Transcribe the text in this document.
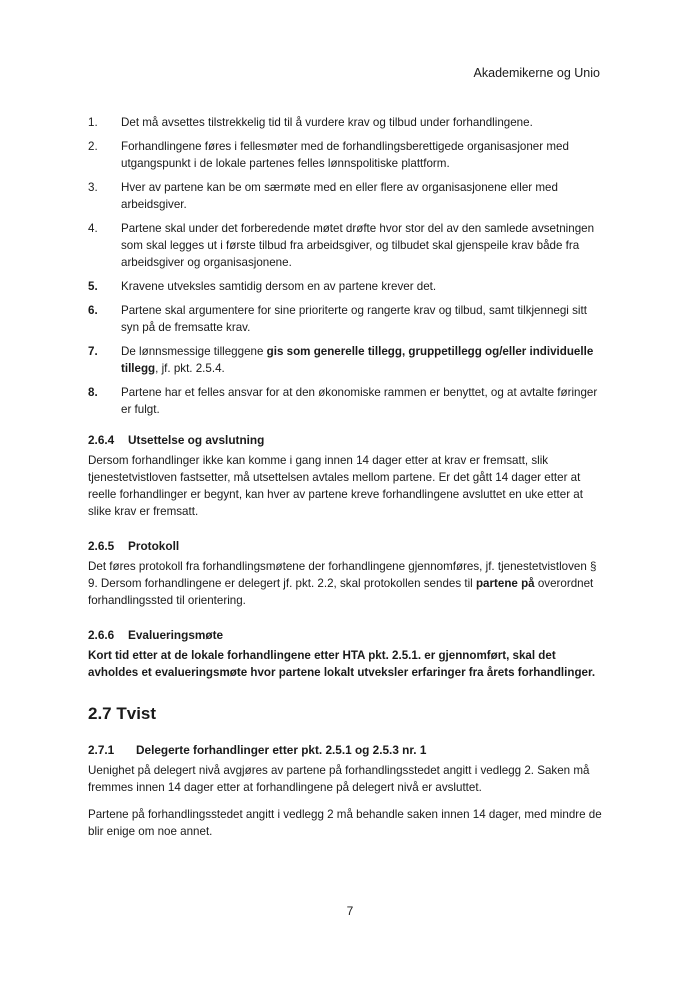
Akademikerne og Unio
1.	Det må avsettes tilstrekkelig tid til å vurdere krav og tilbud under forhandlingene.
2.	Forhandlingene føres i fellesmøter med de forhandlingsberettigede organisasjoner med utgangspunkt i de lokale partenes felles lønnspolitiske plattform.
3.	Hver av partene kan be om særmøte med en eller flere av organisasjonene eller med arbeidsgiver.
4.	Partene skal under det forberedende møtet drøfte hvor stor del av den samlede avsetningen som skal legges ut i første tilbud fra arbeidsgiver, og tilbudet skal gjenspeile krav både fra arbeidsgiver og organisasjonene.
5.	Kravene utveksles samtidig dersom en av partene krever det.
6.	Partene skal argumentere for sine prioriterte og rangerte krav og tilbud, samt tilkjennegi sitt syn på de fremsatte krav.
7.	De lønnsmessige tilleggene gis som generelle tillegg, gruppetillegg og/eller individuelle tillegg, jf. pkt. 2.5.4.
8.	Partene har et felles ansvar for at den økonomiske rammen er benyttet, og at avtalte føringer er fulgt.
2.6.4	Utsettelse og avslutning

Dersom forhandlinger ikke kan komme i gang innen 14 dager etter at krav er fremsatt, slik tjenestetvistloven fastsetter, må utsettelsen avtales mellom partene. Er det gått 14 dager etter at reelle forhandlinger er begynt, kan hver av partene kreve forhandlingene avsluttet en uke etter at slike krav er fremsatt.

2.6.5	Protokoll

Det føres protokoll fra forhandlingsmøtene der forhandlingene gjennomføres, jf. tjenestetvistloven § 9. Dersom forhandlingene er delegert jf. pkt. 2.2, skal protokollen sendes til partene på overordnet forhandlingssted til orientering.

2.6.6	Evalueringsmøte

Kort tid etter at de lokale forhandlingene etter HTA pkt. 2.5.1. er gjennomført, skal det avholdes et evalueringsmøte hvor partene lokalt utveksler erfaringer fra årets forhandlinger.

2.7 Tvist
2.7.1	Delegerte forhandlinger etter pkt. 2.5.1 og 2.5.3 nr. 1

Uenighet på delegert nivå avgjøres av partene på forhandlingsstedet angitt i vedlegg 2. Saken må fremmes innen 14 dager etter at forhandlingene på delegert nivå er avsluttet.

Partene på forhandlingsstedet angitt i vedlegg 2 må behandle saken innen 14 dager, med mindre de blir enige om noe annet.

7
